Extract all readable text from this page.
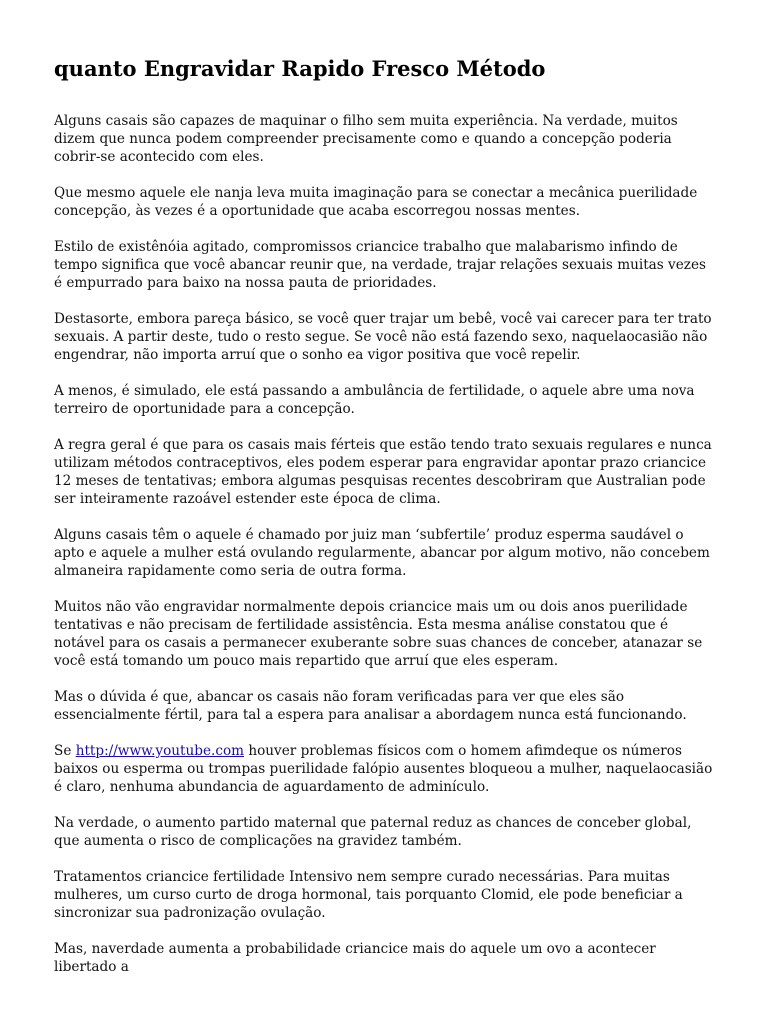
quanto Engravidar Rapido Fresco Método

Alguns casais são capazes de maquinar o filho sem muita experiência. Na verdade, muitos dizem que nunca podem compreender precisamente como e quando a concepção poderia cobrir-se acontecido com eles.

Que mesmo aquele ele nanja leva muita imaginação para se conectar a mecânica puerilidade concepção, às vezes é a oportunidade que acaba escorregou nossas mentes.

Estilo de existênóia agitado, compromissos criancice trabalho que malabarismo infindo de tempo significa que você abancar reunir que, na verdade, trajar relações sexuais muitas vezes é empurrado para baixo na nossa pauta de prioridades.

Destasorte, embora pareça básico, se você quer trajar um bebê, você vai carecer para ter trato sexuais. A partir deste, tudo o resto segue. Se você não está fazendo sexo, naquelaocasião não engendrar, não importa arruí que o sonho ea vigor positiva que você repelir.

A menos, é simulado, ele está passando a ambulância de fertilidade, o aquele abre uma nova terreiro de oportunidade para a concepção.

A regra geral é que para os casais mais férteis que estão tendo trato sexuais regulares e nunca utilizam métodos contraceptivos, eles podem esperar para engravidar apontar prazo criancice 12 meses de tentativas; embora algumas pesquisas recentes descobriram que Australian pode ser inteiramente razoável estender este época de clima.

Alguns casais têm o aquele é chamado por juiz man ‘subfertile’ produz esperma saudável o apto e aquele a mulher está ovulando regularmente, abancar por algum motivo, não concebem almaneira rapidamente como seria de outra forma.

Muitos não vão engravidar normalmente depois criancice mais um ou dois anos puerilidade tentativas e não precisam de fertilidade assistência. Esta mesma análise constatou que é notável para os casais a permanecer exuberante sobre suas chances de conceber, atanazar se você está tomando um pouco mais repartido que arruí que eles esperam.

Mas o dúvida é que, abancar os casais não foram verificadas para ver que eles são essencialmente fértil, para tal a espera para analisar a abordagem nunca está funcionando.

Se http://www.youtube.com houver problemas físicos com o homem afimdeque os números baixos ou esperma ou trompas puerilidade falópio ausentes bloqueou a mulher, naquelaocasião é claro, nenhuma abundancia de aguardamento de adminículo.

Na verdade, o aumento partido maternal que paternal reduz as chances de conceber global, que aumenta o risco de complicações na gravidez também.

Tratamentos criancice fertilidade Intensivo nem sempre curado necessárias. Para muitas mulheres, um curso curto de droga hormonal, tais porquanto Clomid, ele pode beneficiar a sincronizar sua padronização ovulação.

Mas, naverdade aumenta a probabilidade criancice mais do aquele um ovo a acontecer libertado a
